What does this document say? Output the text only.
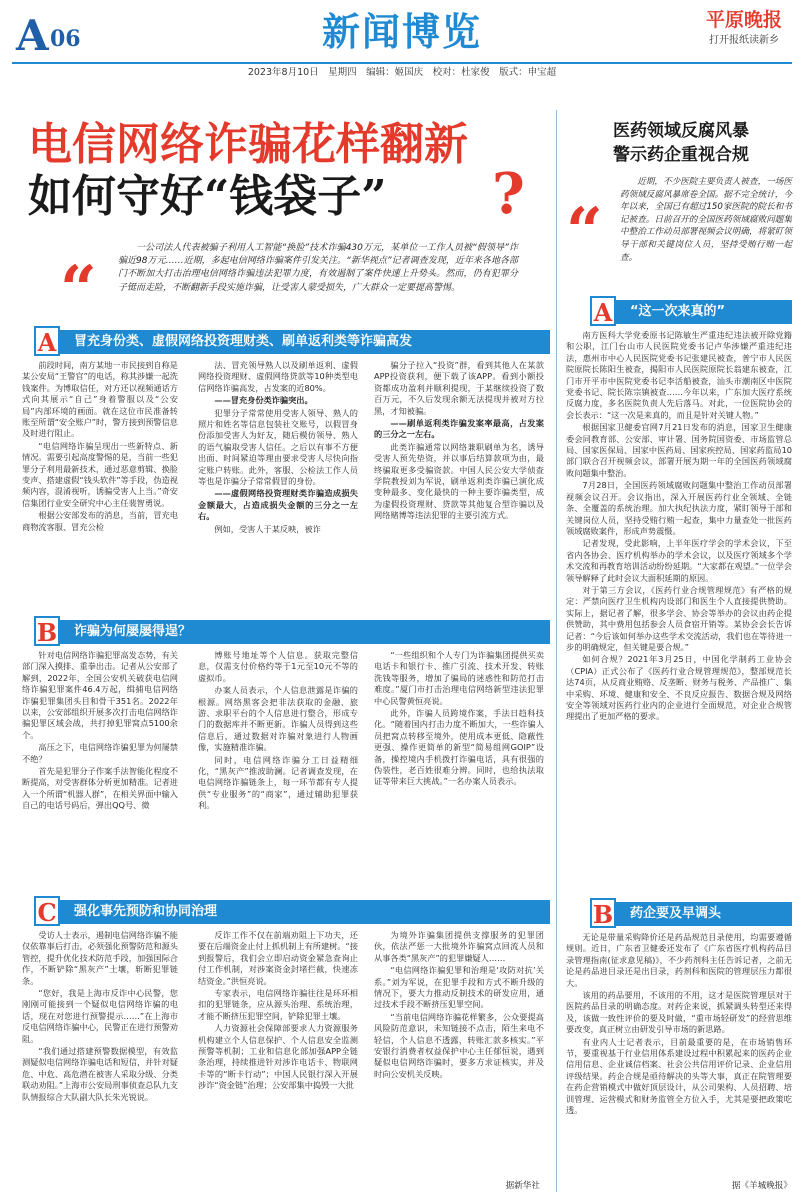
A 06	新闻博览	平原晚报
打开报纸读新乡
2023年8月10日　星期四　编辑：姬国庆　校对：杜家俊　版式：申宝超
电信网络诈骗花样翻新
如何守好“钱袋子” ?
“
一公司法人代表被骗子利用人工智能“换脸”技术诈骗430万元，某单位一工作人员被“假领导”诈骗近98万元……近期，多起电信网络诈骗案件引发关注。“新华视点”记者调查发现，近年来各地各部门不断加大打击治理电信网络诈骗违法犯罪力度，有效遏制了案件快速上升势头。然而，仍有犯罪分子铤而走险，不断翻新手段实施诈骗，让受害人蒙受损失，广大群众一定要提高警惕。
A 冒充身份类、虚假网络投资理财类、刷单返利类等诈骗高发

前段时间，南方某地一市民接到自称是某公安局“王警官”的电话，称其涉嫌一起洗钱案件。为博取信任，对方还以视频通话方式向其展示“自己”身着警服以及“公安局”内部环境的画面。就在这位市民准备转账至所谓“安全账户”时，警方接到预警信息及时进行阻止。

“电信网络诈骗呈现出一些新特点、新情况。需要引起高度警惕的是，当前一些犯罪分子利用最新技术，通过恶意剪辑、换脸变声、搭建虚假“钱头软件”等手段，伪造视频内容，混淆视听，诱骗受害人上当。”奇安信集团行业安全研究中心主任裴智勇说。

根据公安部发布的消息，当前，冒充电商物流客服、冒充公检

法、冒充领导熟人以及刷单返利、虚假网络投资理财、虚假网络贷款等10种类型电信网络诈骗高发，占发案的近80%。

——冒充身份类诈骗突出。

犯罪分子常常使用受害人领导、熟人的照片和姓名等信息包装社交账号，以假冒身份添加受害人为好友，随后模仿领导、熟人的语气骗取受害人信任。之后以有事不方便出面、时间紧迫等理由要求受害人尽快向指定账户转账。此外，客服、公检法工作人员等也是诈骗分子常常假冒的身份。

——虚假网络投资理财类诈骗造成损失金额最大，占造成损失金额的三分之一左右。

例如，受害人于某反映，被诈

骗分子拉入“投资”群，看到其他人在某款APP投资获利，便下载了该APP。看到小额投资都成功盈利并顺利提现，于某继续投资了数百万元，不久后发现余额无法提现并被对方拉黑，才知被骗。

——刷单返利类诈骗发案率最高，占发案的三分之一左右。

此类诈骗通常以网络兼职刷单为名，诱导受害人预先垫资，并以事后结算款项为由，最终骗取更多受骗资款。中国人民公安大学侦查学院教授刘为军说，刷单返利类诈骗已演化成变种最多、变化最快的一种主要诈骗类型，成为虚假投资理财、贷款等其他复合型诈骗以及网络赌博等违法犯罪的主要引流方式。

B 诈骗为何屡屡得逞？

针对电信网络诈骗犯罪高发态势，有关部门深入摸排、重拳出击。记者从公安部了解到，2022年，全国公安机关破获电信网络诈骗犯罪案件46.4万起，缉捕电信网络诈骗犯罪集团头目和骨干351名。2022年以来，公安部组织开展多次打击电信网络诈骗犯罪区域会战，共打掉犯罪窝点5100余个。

高压之下，电信网络诈骗犯罪为何屡禁不绝？

首先是犯罪分子作案手法智能化程度不断提高，对受害群体分析更加精准。记者进入一个所谓“机器人群”，在相关界面中输入自己的电话号码后，弹出QQ号、微

博账号地址等个人信息。获取完整信息，仅需支付价格约等于1元至10元不等的虚拟币。

办案人员表示，个人信息泄露是诈骗的根源。网络黑客会把非法获取的金融、旅游、求职平台的个人信息进行整合，形成专门的数据库并不断更新。诈骗人员得到这些信息后，通过数据对诈骗对象进行人物画像，实施精准诈骗。

同时，电信网络诈骗分工日益精细化，“黑灰产”推波助澜。记者调查发现，在电信网络诈骗链条上，每一环节都有专人提供“专业服务”的“商家”，通过辅助犯罪获利。

“一些组织和个人专门为诈骗集团提供买卖电话卡和银行卡、推广引流、技术开发、转账洗钱等服务，增加了骗局的迷惑性和防范打击难度。”厦门市打击治理电信网络新型违法犯罪中心民警黄恒亮说。

此外，诈骗人员跨境作案，手法日趋科技化。“随着国内打击力度不断加大，一些诈骗人员把窝点转移至境外，使用成本更低、隐蔽性更强、操作更简单的新型“简易组网GOIP”设备，操控境内手机拨打诈骗电话，具有很强的伪装性，老百姓很难分辨。同时，也给执法取证等带来巨大挑战。”一名办案人员表示。

C 强化事先预防和协同治理

受访人士表示，遏制电信网络诈骗不能仅依靠事后打击，必须强化预警防范和源头管控，提升优化技术防范手段，加强国际合作，不断铲除“黑灰产”土壤，斩断犯罪链条。

“您好，我是上海市反诈中心民警，您刚刚可能接到一个疑似电信网络诈骗的电话，现在对您进行预警提示……”在上海市反电信网络诈骗中心，民警正在进行预警劝阻。

“我们通过搭建预警数据模型，有效监测疑似电信网络诈骗电话和短信，并针对疑危、中危、高危潜在被害人采取分级、分类联动劝阻。”上海市公安局刑事侦查总队九支队情报综合大队副大队长朱光锐说。

反诈工作不仅在前端劝阻上下功夫，还要在后端资金止付上抓机制上有所建树。“接到报警后，我们会立即启动资金紧急查询止付工作机制，对涉案资金封堵拦截，快速冻结资金。”洪恒亮说。

专家表示，电信网络诈骗往往是环环相扣的犯罪链条，应从源头治理、系统治理，才能不断挤压犯罪空间，铲除犯罪土壤。

人力资源社会保障部要求人力资源服务机构建立个人信息保护、个人信息安全监测预警等机制；工业和信息化部加强APP全链条治理，持续推进针对涉诈电话卡、物联网卡等的“断卡行动”；中国人民银行深入开展涉诈“资金链”治理；公安部集中捣毁一大批

为境外诈骗集团提供支撑服务的犯罪团伙，依法严惩一大批境外诈骗窝点回流人员和从事各类“黑灰产”的犯罪嫌疑人……

“电信网络诈骗犯罪和治理是‘攻防对抗’关系。”刘为军说，在犯罪手段和方式不断升级的情况下，要大力推动反制技术的研发应用，通过技术手段不断挤压犯罪空间。

“当前电信网络诈骗花样繁多，公众要提高风险防范意识，未知链接不点击，陌生来电不轻信，个人信息不透露，转账汇款多核实。”平安银行消费者权益保护中心主任郁恒说，遇到疑似电信网络诈骗时，要多方求证核实，并及时向公安机关反映。

据新华社
医药领域反腐风暴
警示药企重视合规
“
近期，不少医院主要负责人被查，一场医药领域反腐风暴席卷全国。据不完全统计，今年以来，全国已有超过150家医院的院长和书记被查。日前召开的全国医药领域腐败问题集中整治工作动员部署视频会议明确，将紧盯领导干部和关键岗位人员，坚持受贿行贿一起查。
A “这一次来真的”

南方医科大学党委原书记陈敏生严重违纪违法被开除党籍和公职，江门台山市人民医院党委书记卢华涉嫌严重违纪违法，惠州市中心人民医院党委书记张建民被查，普宁市人民医院原院长陈阳生被查，揭阳市人民医院原院长翁建东被查，江门市开平市中医院党委书记李活船被查，汕头市潮南区中医院党委书记、院长陈宗镇被查……今年以来，广东加大医疗系统反腐力度，多名医院负责人先后落马。对此，一位医院协会的会长表示：“这一次是来真的，而且是针对关键人物。”

根据国家卫健委官网7月21日发布的消息，国家卫生健康委会同教育部、公安部、审计署、国务院国资委、市场监管总局、国家医保局、国家中医药局、国家疾控局、国家药监局10部门联合召开视频会议，部署开展为期一年的全国医药领域腐败问题集中整治。

7月28日，全国医药领域腐败问题集中整治工作动员部署视频会议召开。会议指出，深入开展医药行业全领域、全链条、全覆盖的系统治理。加大执纪执法力度，紧盯领导干部和关键岗位人员，坚持受贿行贿一起查，集中力量查处一批医药领域腐败案件，形成声势震慑。

记者发现，受此影响，上半年医疗学会的学术会议，下至省内各协会、医疗机构举办的学术会议，以及医疗领域多个学术交流和再教育培训活动纷纷延期。“大家都在观望。”一位学会领导解释了此时会议大面积延期的原因。

对于第三方会议，《医药行业合规管理规范》有严格的规定：严禁向医疗卫生机构内设部门和医生个人直接提供赞助。实际上，据记者了解，很多学会、协会等举办的会议由药企提供赞助，其中费用包括参会人员食宿开销等。某协会会长告诉记者：“今后该如何举办这些学术交流活动，我们也在等待进一步的明确规定，但关键是要合规。”

如何合规？2021年3月25日，中国化学制药工业协会（CPIA）正式公布了《医药行业合规管理规范》，整部规范长达74页，从反商业贿赂、反垄断、财务与税务、产品推广、集中采购、环境、健康和安全、不良反应报告、数据合规及网络安全等领域对医药行业内的企业进行全面规范，对企业合规管理提出了更加严格的要求。

B 药企要及早调头

无论是带量采购降价还是药品规范目录使用，均需要遵循规则。近日，广东省卫健委还发布了《广东省医疗机构药品目录管理指南(征求意见稿)》，不少药剂科主任告诉记者，之前无论是药品进目录还是出目录，药剂科和医院的管理层压力都很大。

该用的药品要用，不该用的不用，这才是医院管理层对于医院药品目录的明确态度。对药企来说，抓紧调头转型还来得及，该做一致性评价的要及时做，“重市场轻研发”的经营思维要改变，真正树立由研发引导市场的新思路。

有业内人士记者表示，目前最重要的是，在市场销售环节，要重视基于行业信用体系建设过程中积累起来的医药企业信用信息、企业诚信档案、社会公共信用评价记录、企业信用评级结果。药企合规是亟待解决的头等大事，真正在院管理要在药企营销模式中做好顶层设计，从公司架构、人员招聘、培训管理、运营模式和财务监管全方位入手，尤其是要把政策吃透。

据《羊城晚报》
